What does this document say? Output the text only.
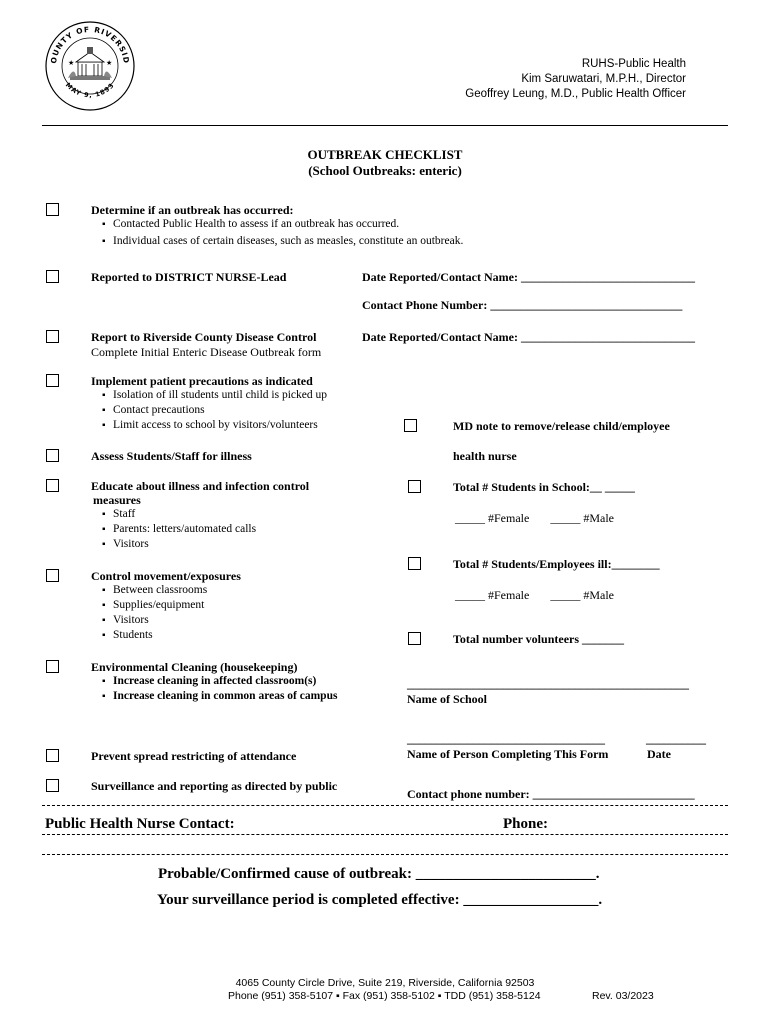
OUNTY OF RIVERSID
MAY 9, 1893
★	★	RUHS-Public Health
Kim Saruwatari, M.P.H., Director
Geoffrey Leung, M.D., Public Health Officer
OUTBREAK CHECKLIST
(School Outbreaks: enteric)
Determine if an outbreak has occurred:
▪ Contacted Public Health to assess if an outbreak has occurred.
▪ Individual cases of certain diseases, such as measles, constitute an outbreak.
Reported to DISTRICT NURSE-Lead	Date Reported/Contact Name: _____________________________
Contact Phone Number: ________________________________
Report to Riverside County Disease Control
Complete Initial Enteric Disease Outbreak form
Date Reported/Contact Name: _____________________________
Implement patient precautions as indicated
▪ Isolation of ill students until child is picked up
▪ Contact precautions
▪ Limit access to school by visitors/volunteers	MD note to remove/release child/employee
Assess Students/Staff for illness	health nurse
Educate about illness and infection control
measures
▪ Staff
▪ Parents: letters/automated calls
▪ Visitors
Total # Students in School:__ _____
_____ #Female       _____ #Male
Total # Students/Employees ill:________
Control movement/exposures
▪ Between classrooms
▪ Supplies/equipment
▪ Visitors
▪ Students
_____ #Female       _____ #Male
Total number volunteers _______
Environmental Cleaning (housekeeping)
▪ Increase cleaning in affected classroom(s)
▪ Increase cleaning in common areas of campus
_______________________________________________
Name of School
_________________________________	__________
Name of Person Completing This Form	Date
Prevent spread restricting of attendance
Surveillance and reporting as directed by public
Contact phone number: ___________________________
Public Health Nurse Contact:	Phone:
Probable/Confirmed cause of outbreak: ________________________.
Your surveillance period is completed effective: __________________.
4065 County Circle Drive, Suite 219, Riverside, California 92503
Phone (951) 358-5107 ▪ Fax (951) 358-5102 ▪ TDD (951) 358-5124	Rev. 03/2023
